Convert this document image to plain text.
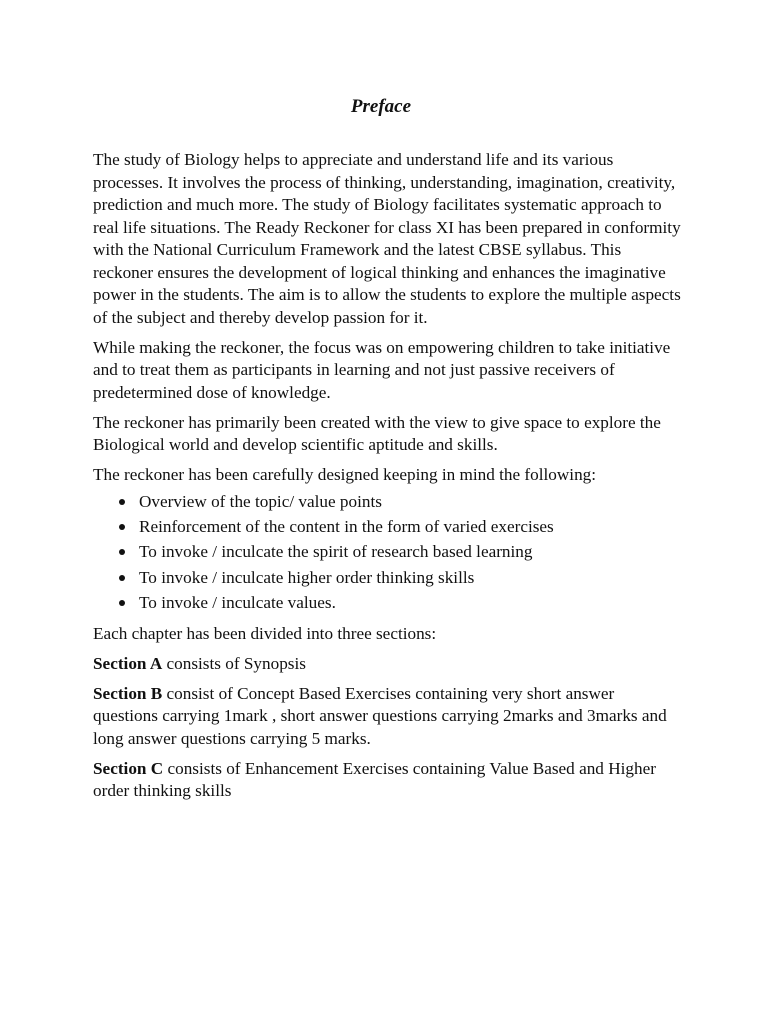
Preface

The study of Biology helps to appreciate and understand life and its various processes. It involves the process of thinking, understanding, imagination, creativity, prediction and much more. The study of Biology facilitates systematic approach to real life situations. The Ready Reckoner for class XI has been prepared in conformity with the National Curriculum Framework and the latest CBSE syllabus. This reckoner ensures the development of logical thinking and enhances the imaginative power in the students. The aim is to allow the students to explore the multiple aspects of the subject and thereby develop passion for it.

While making the reckoner, the focus was on empowering children to take initiative and to treat them as participants in learning and not just passive receivers of predetermined dose of knowledge.

The reckoner has primarily been created with the view to give space to explore the Biological world and develop scientific aptitude and skills.

The reckoner has been carefully designed keeping in mind the following:

Overview of the topic/ value points
Reinforcement of the content in the form of varied exercises
To invoke / inculcate the spirit of research based learning
To invoke / inculcate higher order thinking skills
To invoke / inculcate values.

Each chapter has been divided into three sections:

Section A consists of Synopsis

Section B consist of Concept Based Exercises containing very short answer questions carrying 1mark , short answer questions carrying 2marks and 3marks and long answer questions carrying 5 marks.

Section C consists of Enhancement Exercises containing Value Based and Higher order thinking skills
